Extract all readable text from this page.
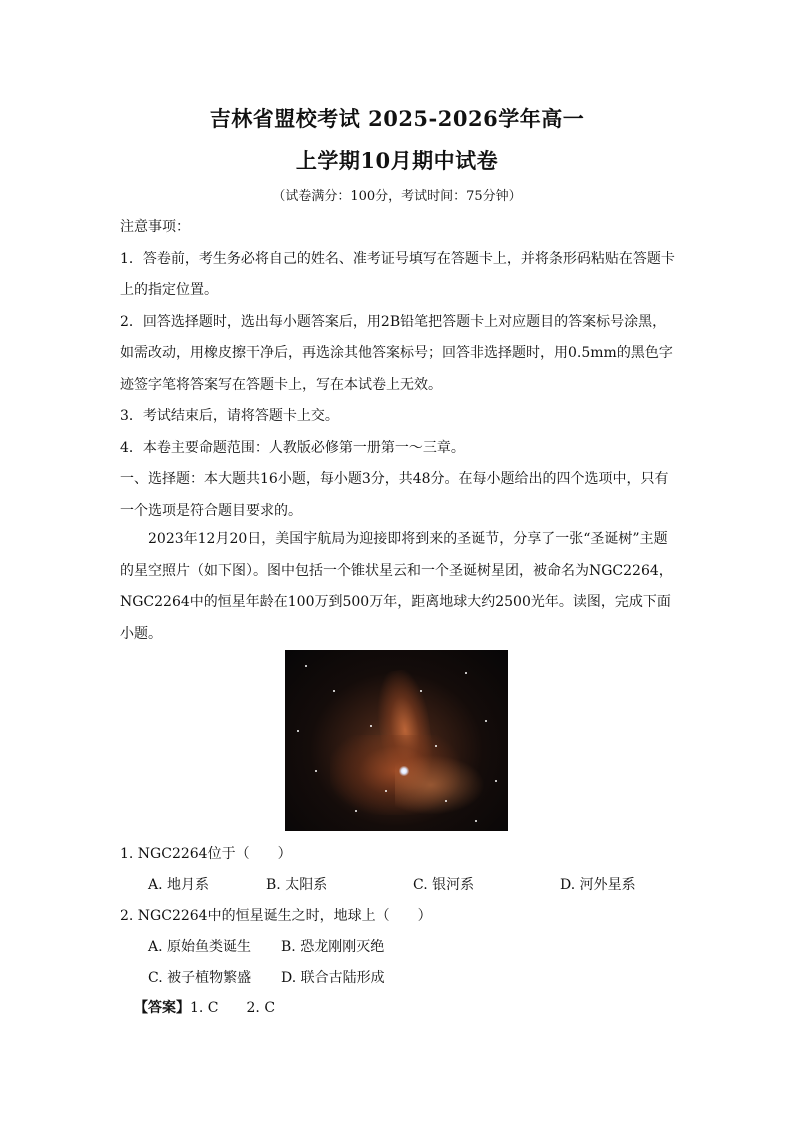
吉林省盟校考试 2025-2026学年高一
上学期10月期中试卷
（试卷满分：100分，考试时间：75分钟）

注意事项：

1．答卷前，考生务必将自己的姓名、准考证号填写在答题卡上，并将条形码粘贴在答题卡上的指定位置。

2．回答选择题时，选出每小题答案后，用2B铅笔把答题卡上对应题目的答案标号涂黑，如需改动，用橡皮擦干净后，再选涂其他答案标号；回答非选择题时，用0.5mm的黑色字迹签字笔将答案写在答题卡上，写在本试卷上无效。

3．考试结束后，请将答题卡上交。

4．本卷主要命题范围：人教版必修第一册第一～三章。

一、选择题：本大题共16小题，每小题3分，共48分。在每小题给出的四个选项中，只有一个选项是符合题目要求的。

2023年12月20日，美国宇航局为迎接即将到来的圣诞节，分享了一张“圣诞树”主题的星空照片（如下图）。图中包括一个锥状星云和一个圣诞树星团，被命名为NGC2264，NGC2264中的恒星年龄在100万到500万年，距离地球大约2500光年。读图，完成下面小题。

1. NGC2264位于（　　）
A. 地月系	B. 太阳系	C. 银河系	D. 河外星系
2. NGC2264中的恒星诞生之时，地球上（　　）
A. 原始鱼类诞生 B. 恐龙刚刚灭绝
C. 被子植物繁盛 D. 联合古陆形成
【答案】1. C　　2. C
